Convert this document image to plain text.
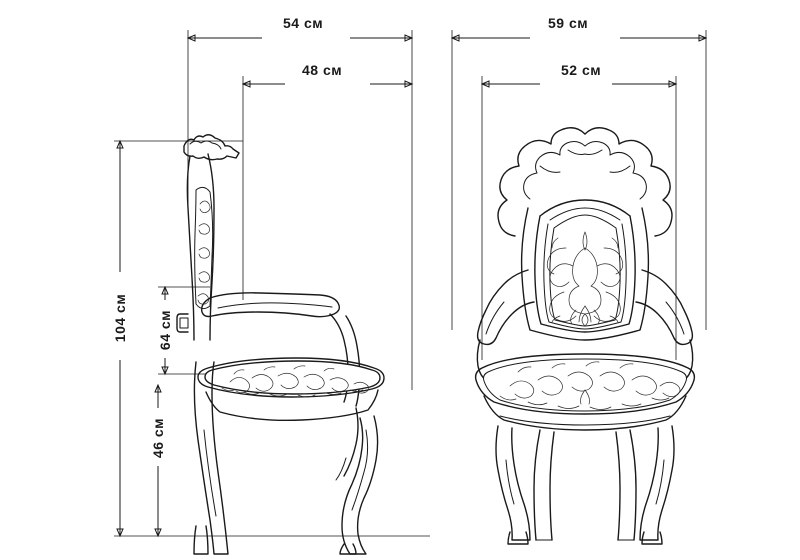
54 см
48 см
59 см
52 см
104 см 64 см
46 см
